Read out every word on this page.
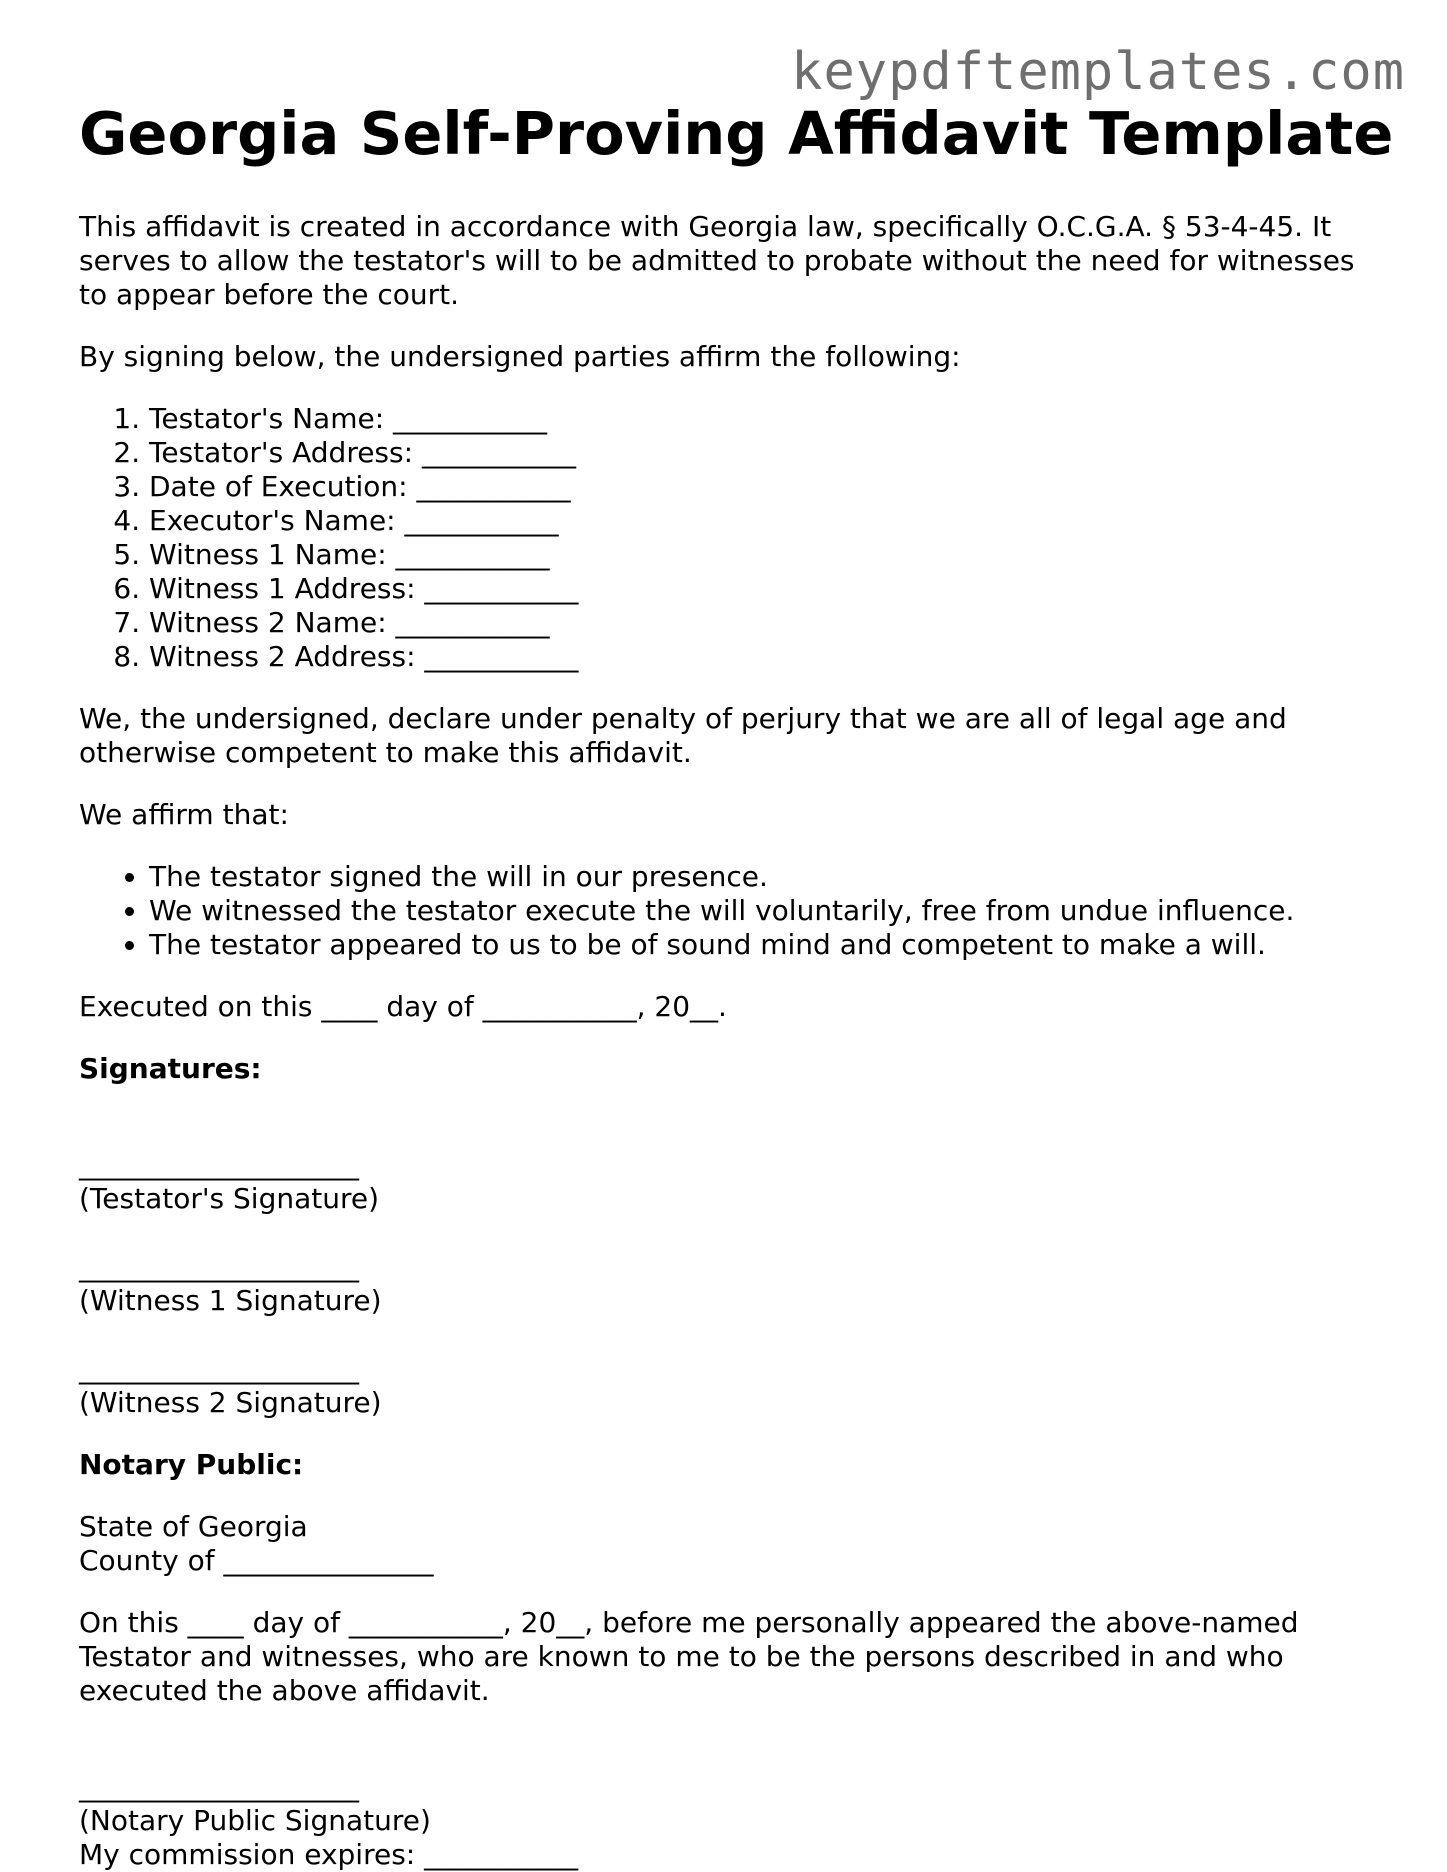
keypdftemplates.com
Georgia Self-Proving Affidavit Template

This affidavit is created in accordance with Georgia law, specifically O.C.G.A. § 53-4-45. It
serves to allow the testator's will to be admitted to probate without the need for witnesses
to appear before the court.

By signing below, the undersigned parties affirm the following:

1. Testator's Name: ___________
2. Testator's Address: ___________
3. Date of Execution: ___________
4. Executor's Name: ___________
5. Witness 1 Name: ___________
6. Witness 1 Address: ___________
7. Witness 2 Name: ___________
8. Witness 2 Address: ___________

We, the undersigned, declare under penalty of perjury that we are all of legal age and
otherwise competent to make this affidavit.

We affirm that:

• The testator signed the will in our presence.
• We witnessed the testator execute the will voluntarily, free from undue influence.
• The testator appeared to us to be of sound mind and competent to make a will.

Executed on this ____ day of ___________, 20__.

Signatures:

____________________
(Testator's Signature)
____________________
(Witness 1 Signature)
____________________
(Witness 2 Signature)

Notary Public:

State of Georgia
County of _______________

On this ____ day of ___________, 20__, before me personally appeared the above-named
Testator and witnesses, who are known to me to be the persons described in and who
executed the above affidavit.

____________________
(Notary Public Signature)
My commission expires: ___________
